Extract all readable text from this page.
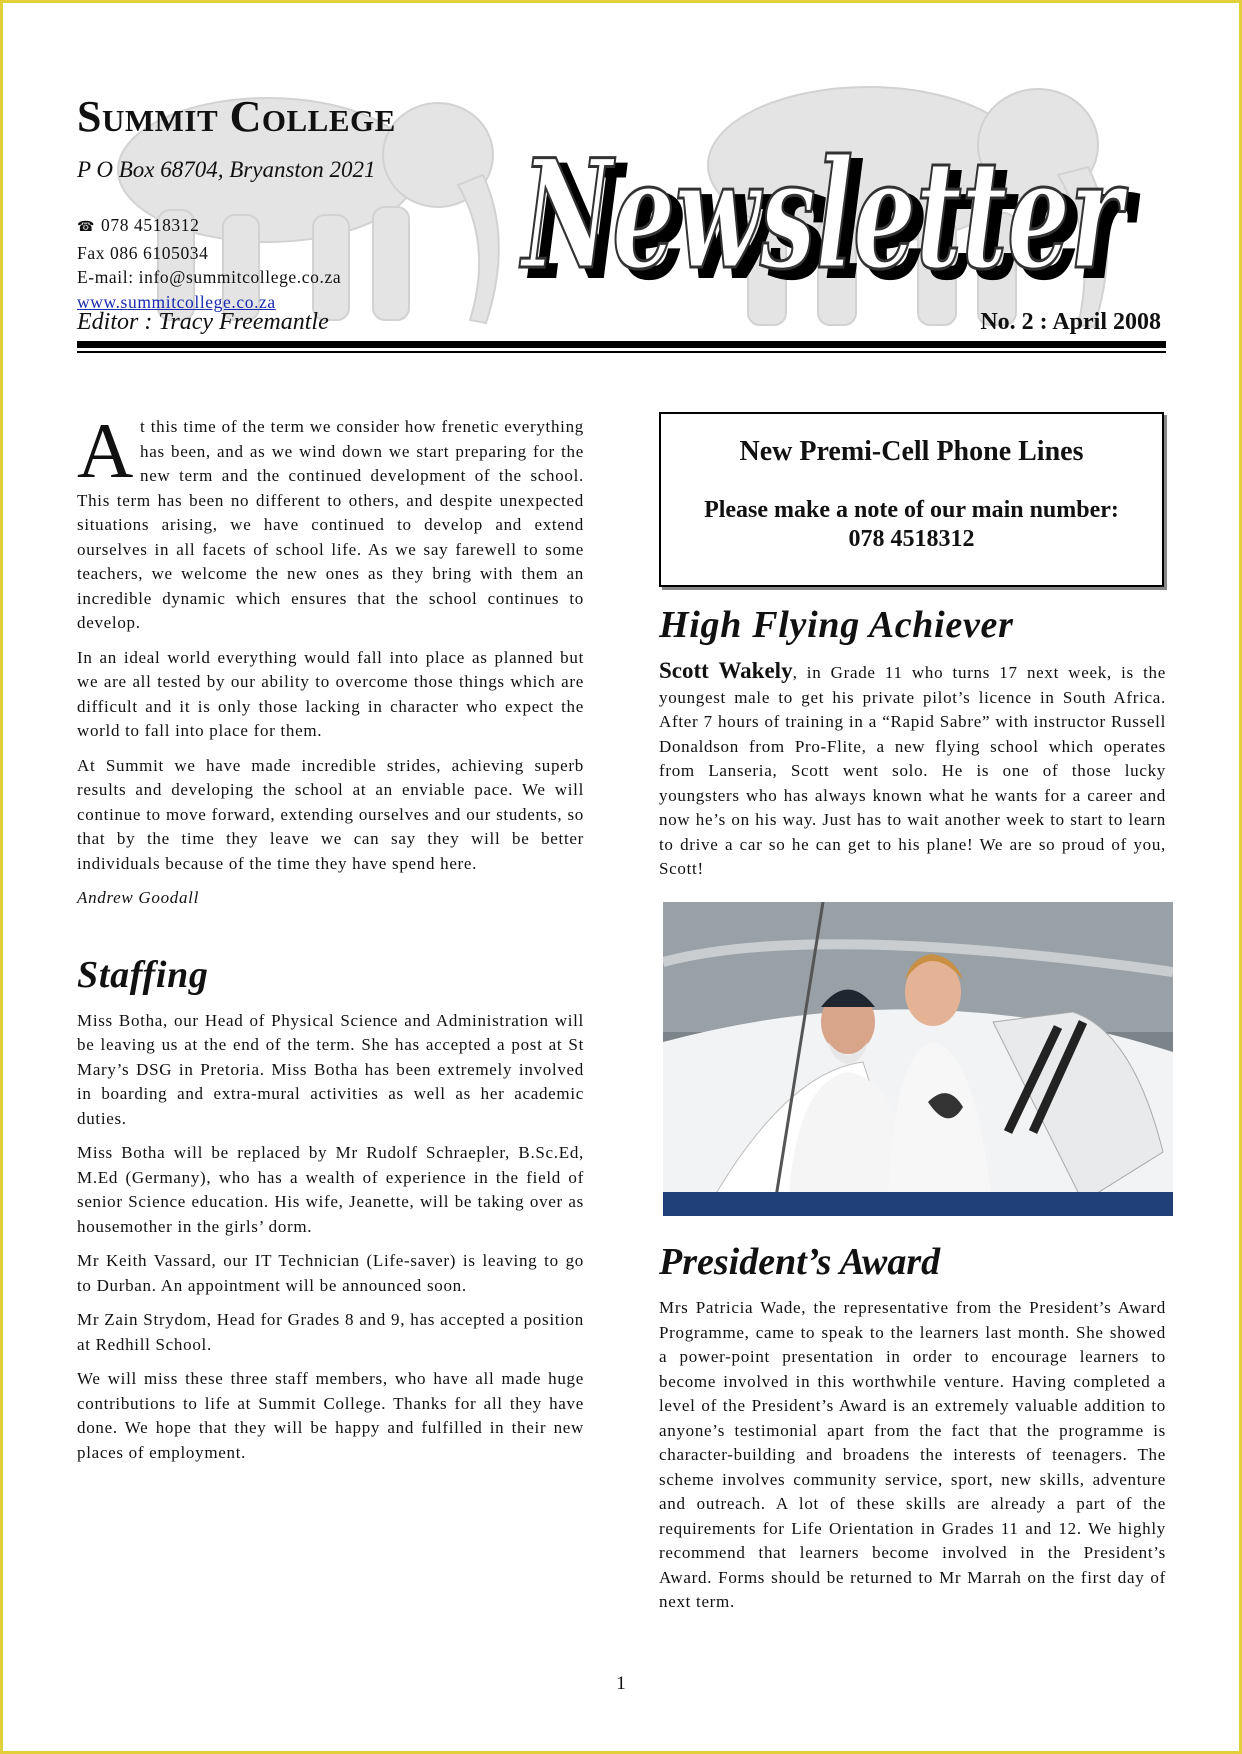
Summit College
P O Box 68704, Bryanston 2021
☎ 078 4518312
Fax 086 6105034
E-mail: info@summitcollege.co.za
www.summitcollege.co.za	Newsletter
Newsletter
Editor : Tracy Freemantle	No. 2 : April 2008

At this time of the term we consider how frenetic everything has been, and as we wind down we start preparing for the new term and the continued development of the school. This term has been no different to others, and despite unexpected situations arising, we have continued to develop and extend ourselves in all facets of school life. As we say farewell to some teachers, we welcome the new ones as they bring with them an incredible dynamic which ensures that the school continues to develop.

In an ideal world everything would fall into place as planned but we are all tested by our ability to overcome those things which are difficult and it is only those lacking in character who expect the world to fall into place for them.

At Summit we have made incredible strides, achieving superb results and developing the school at an enviable pace. We will continue to move forward, extending ourselves and our students, so that by the time they leave we can say they will be better individuals because of the time they have spend here.

Andrew Goodall

Staffing

Miss Botha, our Head of Physical Science and Administration will be leaving us at the end of the term. She has accepted a post at St Mary’s DSG in Pretoria. Miss Botha has been extremely involved in boarding and extra-mural activities as well as her academic duties.

Miss Botha will be replaced by Mr Rudolf Schraepler, B.Sc.Ed, M.Ed (Germany), who has a wealth of experience in the field of senior Science education. His wife, Jeanette, will be taking over as housemother in the girls’ dorm.

Mr Keith Vassard, our IT Technician (Life-saver) is leaving to go to Durban. An appointment will be announced soon.

Mr Zain Strydom, Head for Grades 8 and 9, has accepted a position at Redhill School.

We will miss these three staff members, who have all made huge contributions to life at Summit College. Thanks for all they have done. We hope that they will be happy and fulfilled in their new places of employment.

New Premi-Cell Phone Lines
Please make a note of our main number:
078 4518312
High Flying Achiever

Scott Wakely, in Grade 11 who turns 17 next week, is the youngest male to get his private pilot’s licence in South Africa. After 7 hours of training in a “Rapid Sabre” with instructor Russell Donaldson from Pro-Flite, a new flying school which operates from Lanseria, Scott went solo. He is one of those lucky youngsters who has always known what he wants for a career and now he’s on his way. Just has to wait another week to start to learn to drive a car so he can get to his plane! We are so proud of you, Scott!

President’s Award

Mrs Patricia Wade, the representative from the President’s Award Programme, came to speak to the learners last month. She showed a power-point presentation in order to encourage learners to become involved in this worthwhile venture. Having completed a level of the President’s Award is an extremely valuable addition to anyone’s testimonial apart from the fact that the programme is character-building and broadens the interests of teenagers. The scheme involves community service, sport, new skills, adventure and outreach. A lot of these skills are already a part of the requirements for Life Orientation in Grades 11 and 12. We highly recommend that learners become involved in the President’s Award. Forms should be returned to Mr Marrah on the first day of next term.

1
